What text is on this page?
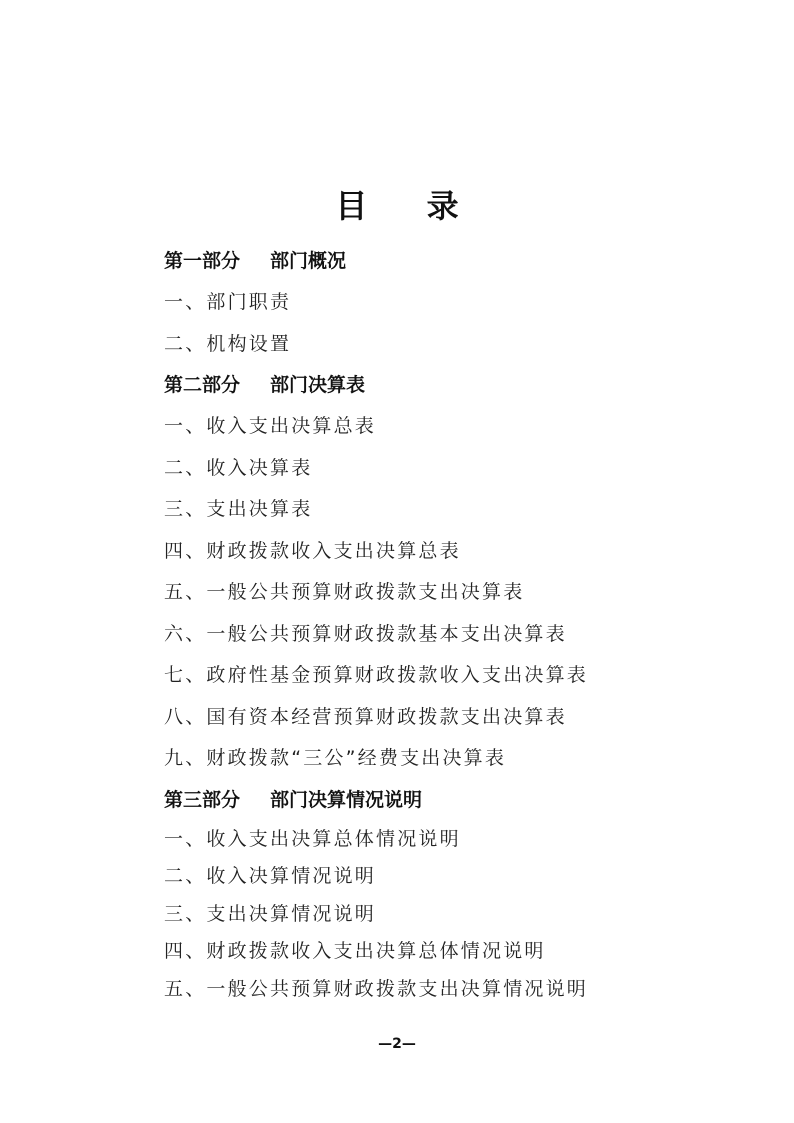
目 录
第一部分 部门概况
一、部门职责
二、机构设置
第二部分 部门决算表
一、收入支出决算总表
二、收入决算表
三、支出决算表
四、财政拨款收入支出决算总表
五、一般公共预算财政拨款支出决算表
六、一般公共预算财政拨款基本支出决算表
七、政府性基金预算财政拨款收入支出决算表
八、国有资本经营预算财政拨款支出决算表
九、财政拨款“三公”经费支出决算表
第三部分 部门决算情况说明
一、收入支出决算总体情况说明
二、收入决算情况说明
三、支出决算情况说明
四、财政拨款收入支出决算总体情况说明
五、一般公共预算财政拨款支出决算情况说明
—2—
